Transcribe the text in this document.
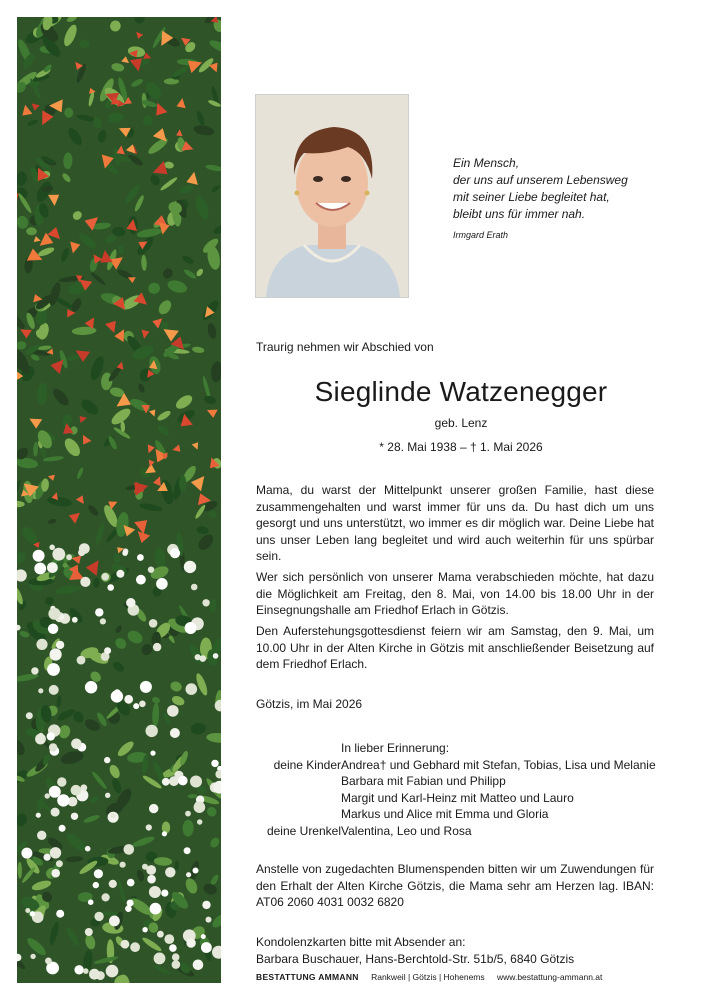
Ein Mensch,
der uns auf unserem Lebensweg
mit seiner Liebe begleitet hat,
bleibt uns für immer nah.
Irmgard Erath
Traurig nehmen wir Abschied von
Sieglinde Watzenegger
geb. Lenz
* 28. Mai 1938 – † 1. Mai 2026
Mama, du warst der Mittelpunkt unserer großen Familie, hast diese zusammengehalten und warst immer für uns da. Du hast dich um uns gesorgt und uns unterstützt, wo immer es dir möglich war. Deine Liebe hat uns unser Leben lang begleitet und wird auch weiterhin für uns spürbar sein.
Wer sich persönlich von unserer Mama verabschieden möchte, hat dazu die Möglichkeit am Freitag, den 8. Mai, von 14.00 bis 18.00 Uhr in der Einsegnungshalle am Friedhof Erlach in Götzis.
Den Auferstehungsgottesdienst feiern wir am Samstag, den 9. Mai, um 10.00 Uhr in der Alten Kirche in Götzis mit anschließender Beisetzung auf dem Friedhof Erlach.
Götzis, im Mai 2026
In lieber Erinnerung:
deine Kinder Andrea† und Gebhard mit Stefan, Tobias, Lisa und Melanie
Barbara mit Fabian und Philipp
Margit und Karl-Heinz mit Matteo und Lauro
Markus und Alice mit Emma und Gloria
deine Urenkel Valentina, Leo und Rosa
Anstelle von zugedachten Blumenspenden bitten wir um Zuwendungen für den Erhalt der Alten Kirche Götzis, die Mama sehr am Herzen lag. IBAN: AT06 2060 4031 0032 6820
Kondolenzkarten bitte mit Absender an:
Barbara Buschauer, Hans-Berchtold-Str. 51b/5, 6840 Götzis
BESTATTUNG AMMANN Rankweil | Götzis | Hohenems www.bestattung-ammann.at
